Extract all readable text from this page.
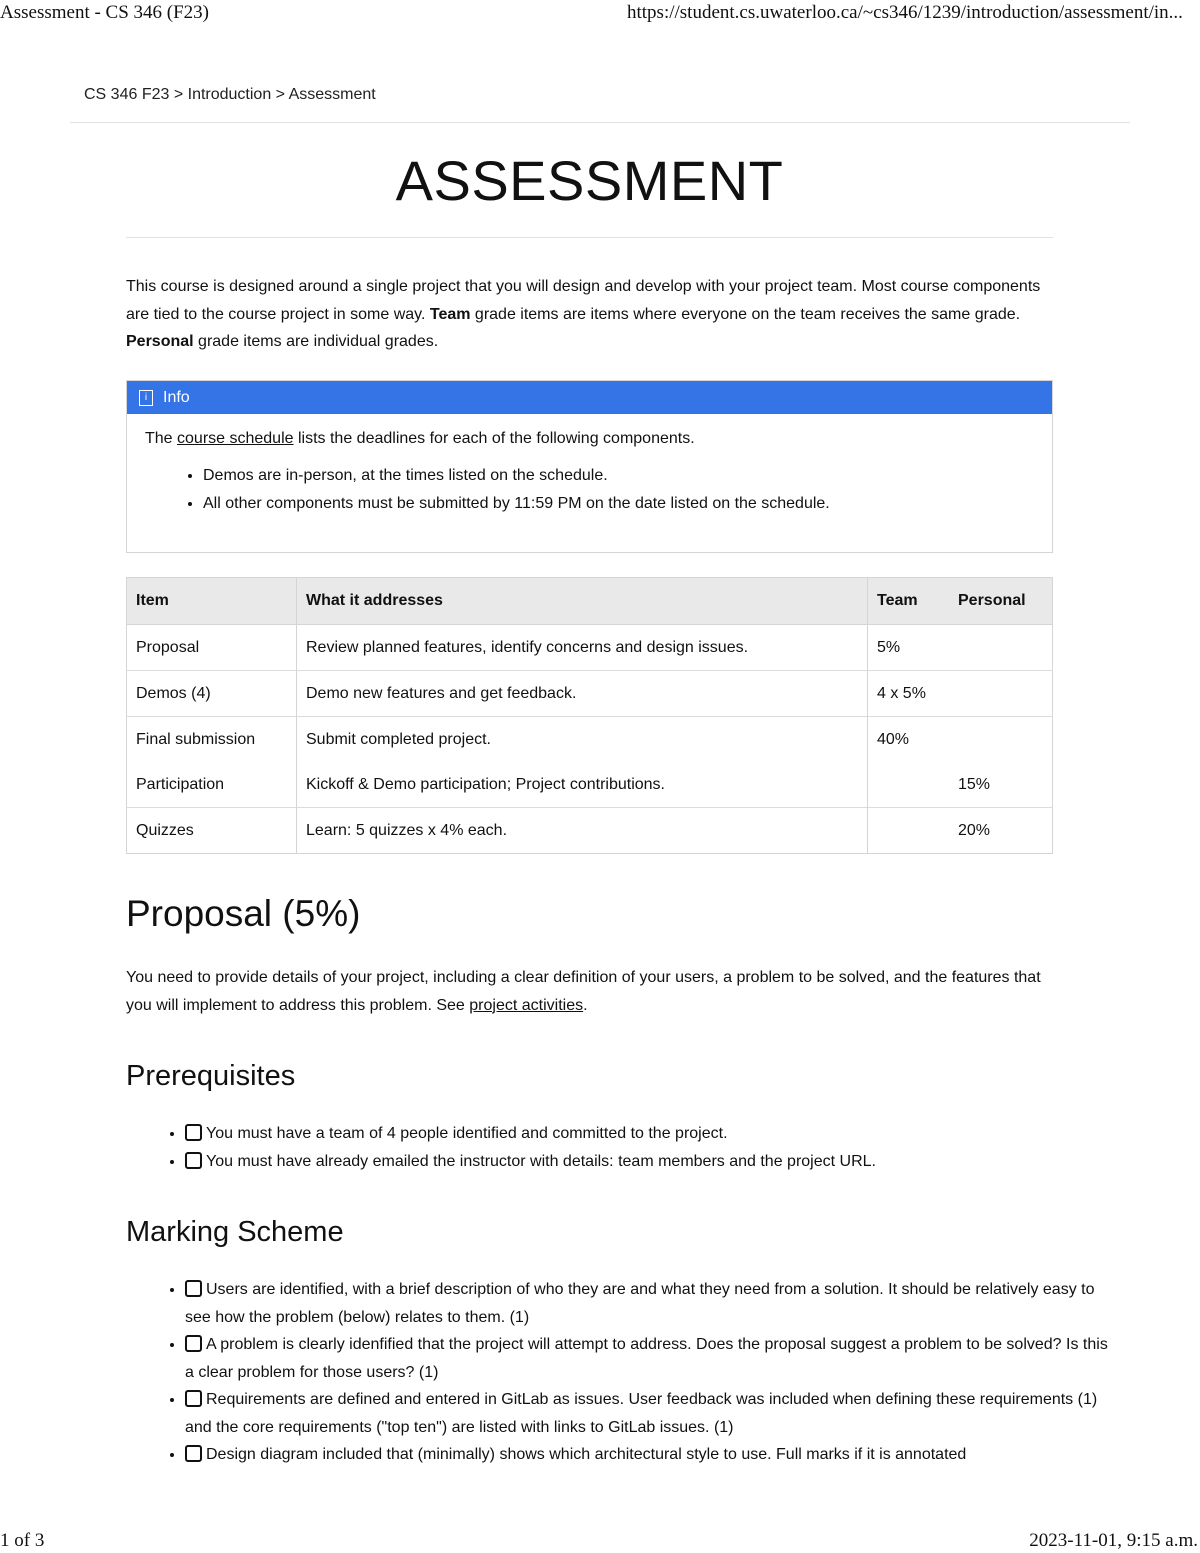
Assessment - CS 346 (F23)	https://student.cs.uwaterloo.ca/~cs346/1239/introduction/assessment/in...
CS 346 F23 > Introduction > Assessment
ASSESSMENT

This course is designed around a single project that you will design and develop with your project team. Most course components are tied to the course project in some way. Team grade items are items where everyone on the team receives the same grade. Personal grade items are individual grades.

i Info

The course schedule lists the deadlines for each of the following components.

• Demos are in-person, at the times listed on the schedule.
• All other components must be submitted by 11:59 PM on the date listed on the schedule.
Item	What it addresses	Team	Personal
Proposal	Review planned features, identify concerns and design issues.	5%	
Demos (4)	Demo new features and get feedback.	4 x 5%	
Final submission	Submit completed project.	40%	
Participation	Kickoff & Demo participation; Project contributions.		15%
Quizzes	Learn: 5 quizzes x 4% each.		20%
Proposal (5%)

You need to provide details of your project, including a clear definition of your users, a problem to be solved, and the features that you will implement to address this problem. See project activities.

Prerequisites
• You must have a team of 4 people identified and committed to the project.
• You must have already emailed the instructor with details: team members and the project URL.
Marking Scheme
• Users are identified, with a brief description of who they are and what they need from a solution. It should be relatively easy to see how the problem (below) relates to them. (1)
• A problem is clearly idenfified that the project will attempt to address. Does the proposal suggest a problem to be solved? Is this a clear problem for those users? (1)
• Requirements are defined and entered in GitLab as issues. User feedback was included when defining these requirements (1) and the core requirements ("top ten") are listed with links to GitLab issues. (1)
• Design diagram included that (minimally) shows which architectural style to use. Full marks if it is annotated
1 of 3	2023-11-01, 9:15 a.m.
